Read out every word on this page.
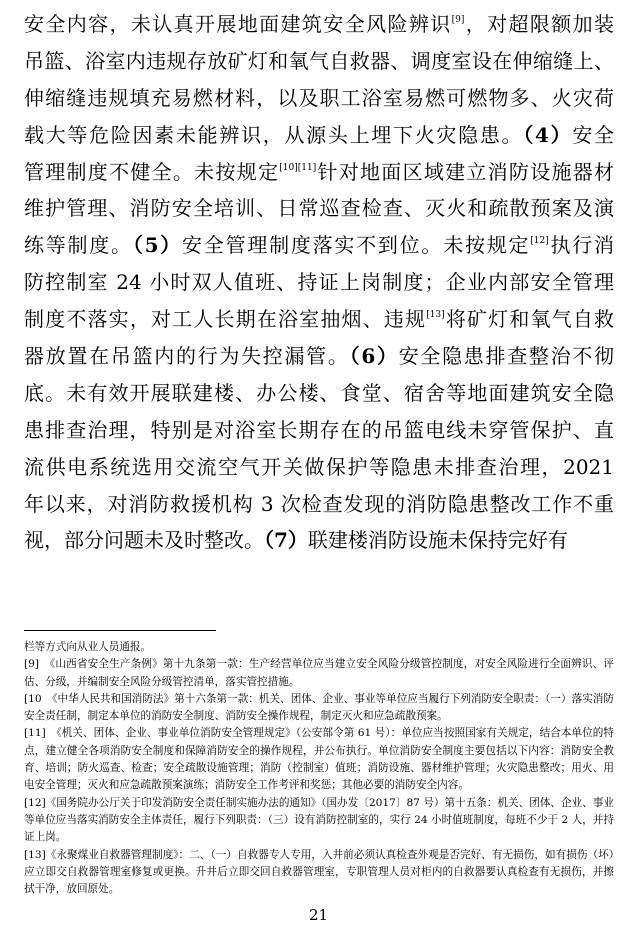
安全内容，未认真开展地面建筑安全风险辨识[9]，对超限额加装
吊篮、浴室内违规存放矿灯和氧气自救器、调度室设在伸缩缝上、
伸缩缝违规填充易燃材料，以及职工浴室易燃可燃物多、火灾荷
载大等危险因素未能辨识，从源头上埋下火灾隐患。（4）安全
管理制度不健全。未按规定[10][11]针对地面区域建立消防设施器材
维护管理、消防安全培训、日常巡查检查、灭火和疏散预案及演
练等制度。（5）安全管理制度落实不到位。未按规定[12]执行消
防控制室 24 小时双人值班、持证上岗制度；企业内部安全管理
制度不落实，对工人长期在浴室抽烟、违规[13]将矿灯和氧气自救
器放置在吊篮内的行为失控漏管。（6）安全隐患排查整治不彻
底。未有效开展联建楼、办公楼、食堂、宿舍等地面建筑安全隐
患排查治理，特别是对浴室长期存在的吊篮电线未穿管保护、直
流供电系统选用交流空气开关做保护等隐患未排查治理，2021
年以来，对消防救援机构 3 次检查发现的消防隐患整改工作不重
视，部分问题未及时整改。（7）联建楼消防设施未保持完好有
栏等方式向从业人员通报。
[9]　《山西省安全生产条例》第十九条第一款：生产经营单位应当建立安全风险分级管控制度，对安全风险进行全面辨识、评估、分级，并编制安全风险分级管控清单，落实管控措施。
[10　《中华人民共和国消防法》第十六条第一款：机关、团体、企业、事业等单位应当履行下列消防安全职责：（一）落实消防安全责任制，制定本单位的消防安全制度、消防安全操作规程，制定灭火和应急疏散预案。
[11]　《机关、团体、企业、事业单位消防安全管理规定》（公安部令第 61 号）：单位应当按照国家有关规定，结合本单位的特点，建立健全各项消防安全制度和保障消防安全的操作规程，并公布执行。单位消防安全制度主要包括以下内容：消防安全教育、培训；防火巡查、检查；安全疏散设施管理；消防（控制室）值班；消防设施、器材维护管理；火灾隐患整改；用火、用电安全管理；灭火和应急疏散预案演练；消防安全工作考评和奖惩；其他必要的消防安全内容。
[12]《国务院办公厅关于印发消防安全责任制实施办法的通知》（国办发〔2017〕87 号）第十五条：机关、团体、企业、事业等单位应当落实消防安全主体责任，履行下列职责：（三）设有消防控制室的，实行 24 小时值班制度，每班不少于 2 人，并持证上岗。
[13]《永聚煤业自救器管理制度》：二、（一）自救器专人专用，入井前必须认真检查外观是否完好、有无损伤，如有损伤（坏）应立即交自救器管理室修复或更换。升井后立即交回自救器管理室，专职管理人员对柜内的自救器要认真检查有无损伤，并擦拭干净，放回原处。
21
